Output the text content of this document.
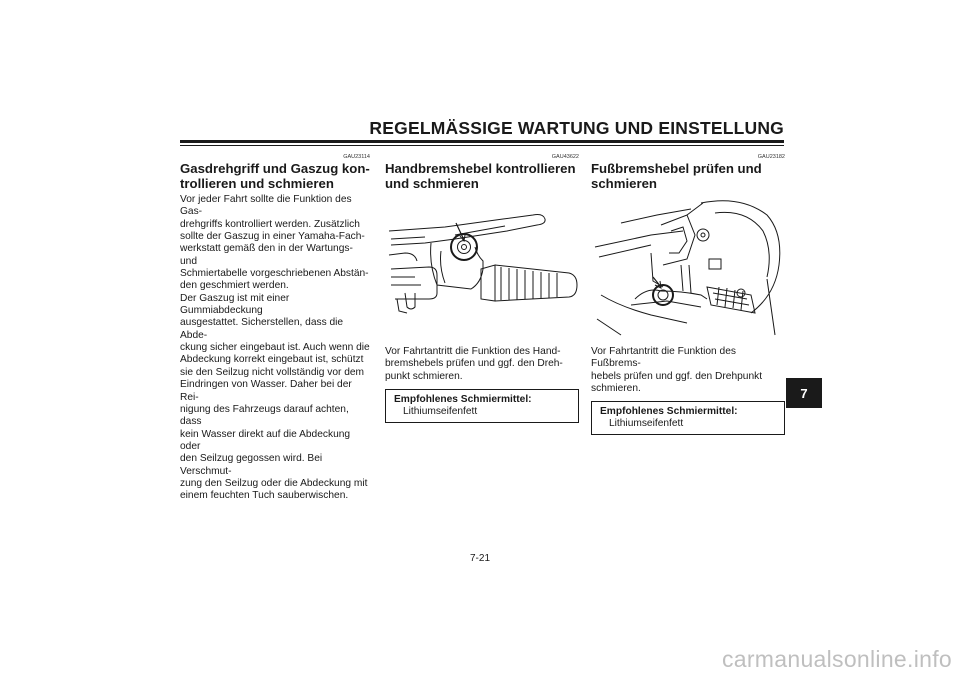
REGELMÄSSIGE WARTUNG UND EINSTELLUNG
GAU23114
Gasdrehgriff und Gaszug kon-
trollieren und schmieren

Vor jeder Fahrt sollte die Funktion des Gas-
drehgriffs kontrolliert werden. Zusätzlich
sollte der Gaszug in einer Yamaha-Fach-
werkstatt gemäß den in der Wartungs- und
Schmiertabelle vorgeschriebenen Abstän-
den geschmiert werden.
Der Gaszug ist mit einer Gummiabdeckung
ausgestattet. Sicherstellen, dass die Abde-
ckung sicher eingebaut ist. Auch wenn die
Abdeckung korrekt eingebaut ist, schützt
sie den Seilzug nicht vollständig vor dem
Eindringen von Wasser. Daher bei der Rei-
nigung des Fahrzeugs darauf achten, dass
kein Wasser direkt auf die Abdeckung oder
den Seilzug gegossen wird. Bei Verschmut-
zung den Seilzug oder die Abdeckung mit
einem feuchten Tuch sauberwischen.

GAU43622
Handbremshebel kontrollieren
und schmieren

Vor Fahrtantritt die Funktion des Hand-
bremshebels prüfen und ggf. den Dreh-
punkt schmieren.

Empfohlenes Schmiermittel:
Lithiumseifenfett
GAU23182
Fußbremshebel prüfen und
schmieren

Vor Fahrtantritt die Funktion des Fußbrems-
hebels prüfen und ggf. den Drehpunkt
schmieren.

Empfohlenes Schmiermittel:
Lithiumseifenfett
7
7-21
carmanualsonline.info
